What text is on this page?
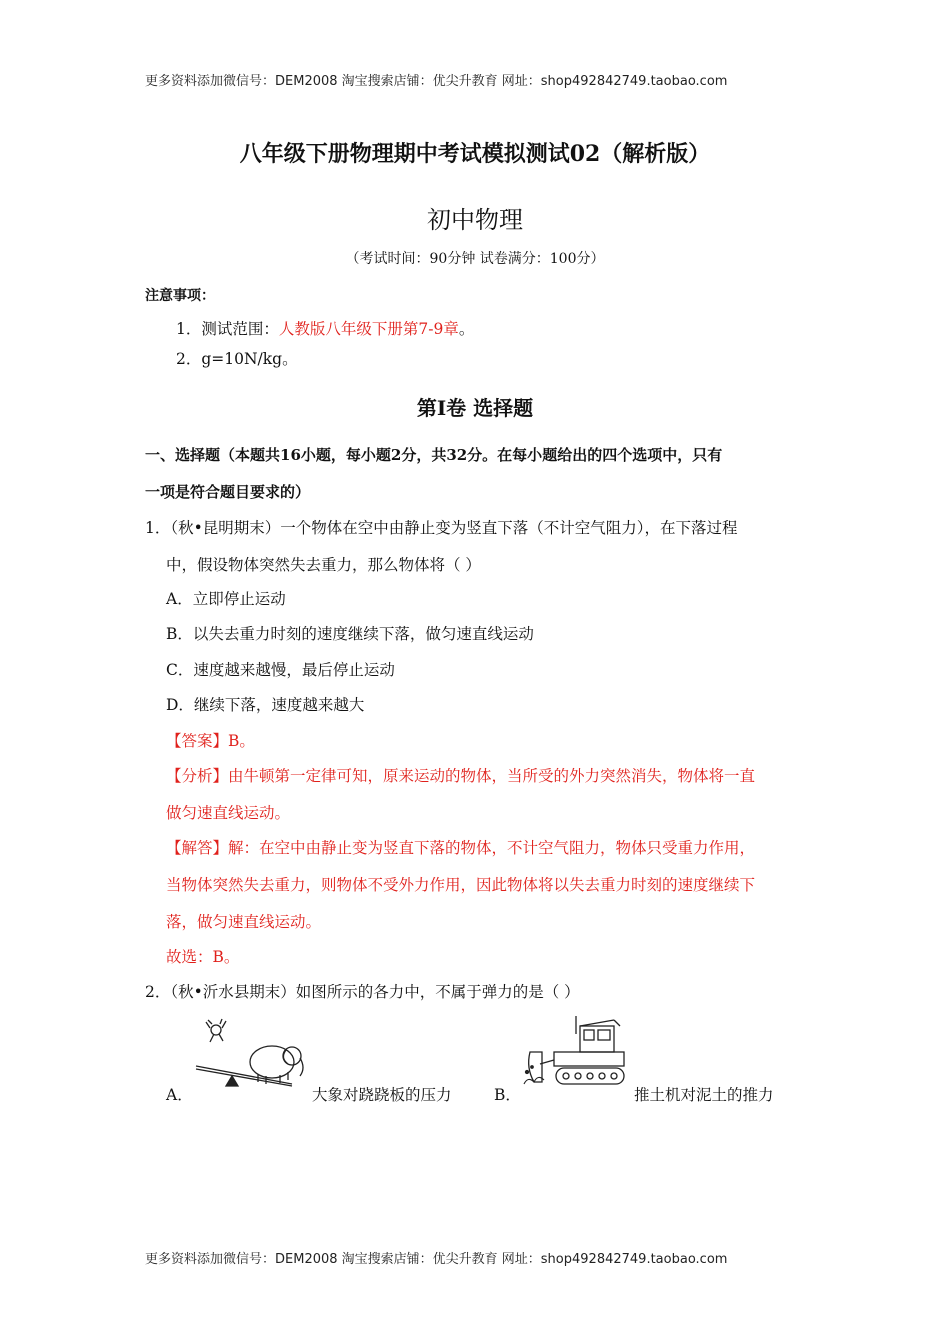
更多资料添加微信号：DEM2008 淘宝搜索店铺：优尖升教育 网址：shop492842749.taobao.com
八年级下册物理期中考试模拟测试02（解析版）
初中物理
（考试时间：90分钟 试卷满分：100分）
注意事项：
1．测试范围：人教版八年级下册第7-9章。
2．g=10N/kg。
第Ⅰ卷 选择题
一、选择题（本题共16小题，每小题2分，共32分。在每小题给出的四个选项中，只有
一项是符合题目要求的）
1．（秋•昆明期末）一个物体在空中由静止变为竖直下落（不计空气阻力），在下落过程
中，假设物体突然失去重力，那么物体将（ ）
A．立即停止运动
B．以失去重力时刻的速度继续下落，做匀速直线运动
C．速度越来越慢，最后停止运动
D．继续下落，速度越来越大
【答案】B。
【分析】由牛顿第一定律可知，原来运动的物体，当所受的外力突然消失，物体将一直
做匀速直线运动。
【解答】解：在空中由静止变为竖直下落的物体，不计空气阻力，物体只受重力作用，
当物体突然失去重力，则物体不受外力作用，因此物体将以失去重力时刻的速度继续下
落，做匀速直线运动。
故选：B。
2．（秋•沂水县期末）如图所示的各力中，不属于弹力的是（ ）
A．	大象对跷跷板的压力	B．	推土机对泥土的推力
更多资料添加微信号：DEM2008 淘宝搜索店铺：优尖升教育 网址：shop492842749.taobao.com
